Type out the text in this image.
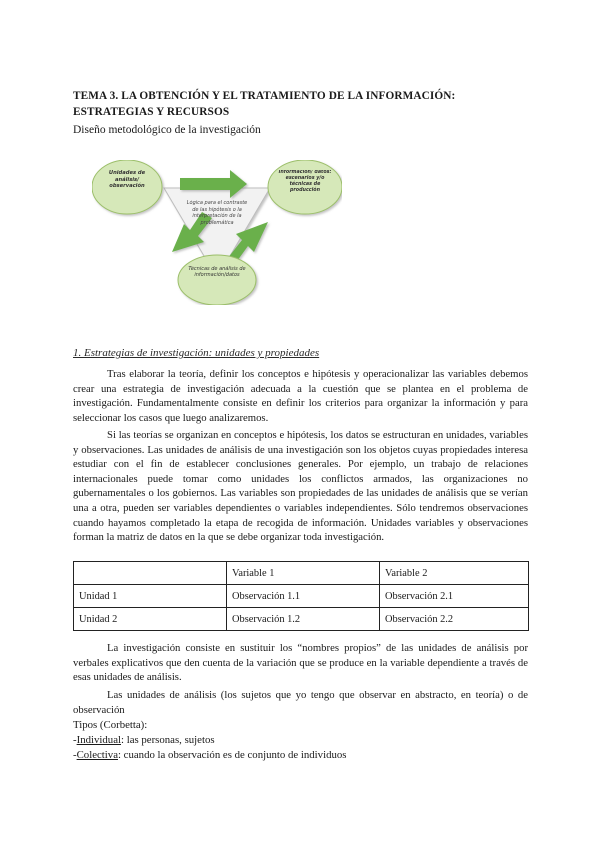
TEMA 3. LA OBTENCIÓN Y EL TRATAMIENTO DE LA INFORMACIÓN: ESTRATEGIAS Y RECURSOS
Diseño metodológico de la investigación
Unidades de análisis/ observación
Información/ datos: escenarios y/o técnicas de producción
Técnicas de análisis de información/datos
Lógica para el contraste de las hipótesis o la interpretación de la problemática
1. Estrategias de investigación: unidades y propiedades

Tras elaborar la teoría, definir los conceptos e hipótesis y operacionalizar las variables debemos crear una estrategia de investigación adecuada a la cuestión que se plantea en el problema de investigación. Fundamentalmente consiste en definir los criterios para organizar la información y para seleccionar los casos que luego analizaremos.

Si las teorías se organizan en conceptos e hipótesis, los datos se estructuran en unidades, variables y observaciones. Las unidades de análisis de una investigación son los objetos cuyas propiedades interesa estudiar con el fin de establecer conclusiones generales. Por ejemplo, un trabajo de relaciones internacionales puede tomar como unidades los conflictos armados, las organizaciones no gubernamentales o los gobiernos. Las variables son propiedades de las unidades de análisis que se verían una a otra, pueden ser variables dependientes o variables independientes. Sólo tendremos observaciones cuando hayamos completado la etapa de recogida de información. Unidades variables y observaciones forman la matriz de datos en la que se debe organizar toda investigación.

	Variable 1	Variable 2
Unidad 1	Observación 1.1	Observación 2.1
Unidad 2	Observación 1.2	Observación 2.2

La investigación consiste en sustituir los “nombres propios” de las unidades de análisis por verbales explicativos que den cuenta de la variación que se produce en la variable dependiente a través de esas unidades de análisis.

Las unidades de análisis (los sujetos que yo tengo que observar en abstracto, en teoría) o de observación

Tipos (Corbetta):
-Individual: las personas, sujetos
-Colectiva: cuando la observación es de conjunto de individuos
